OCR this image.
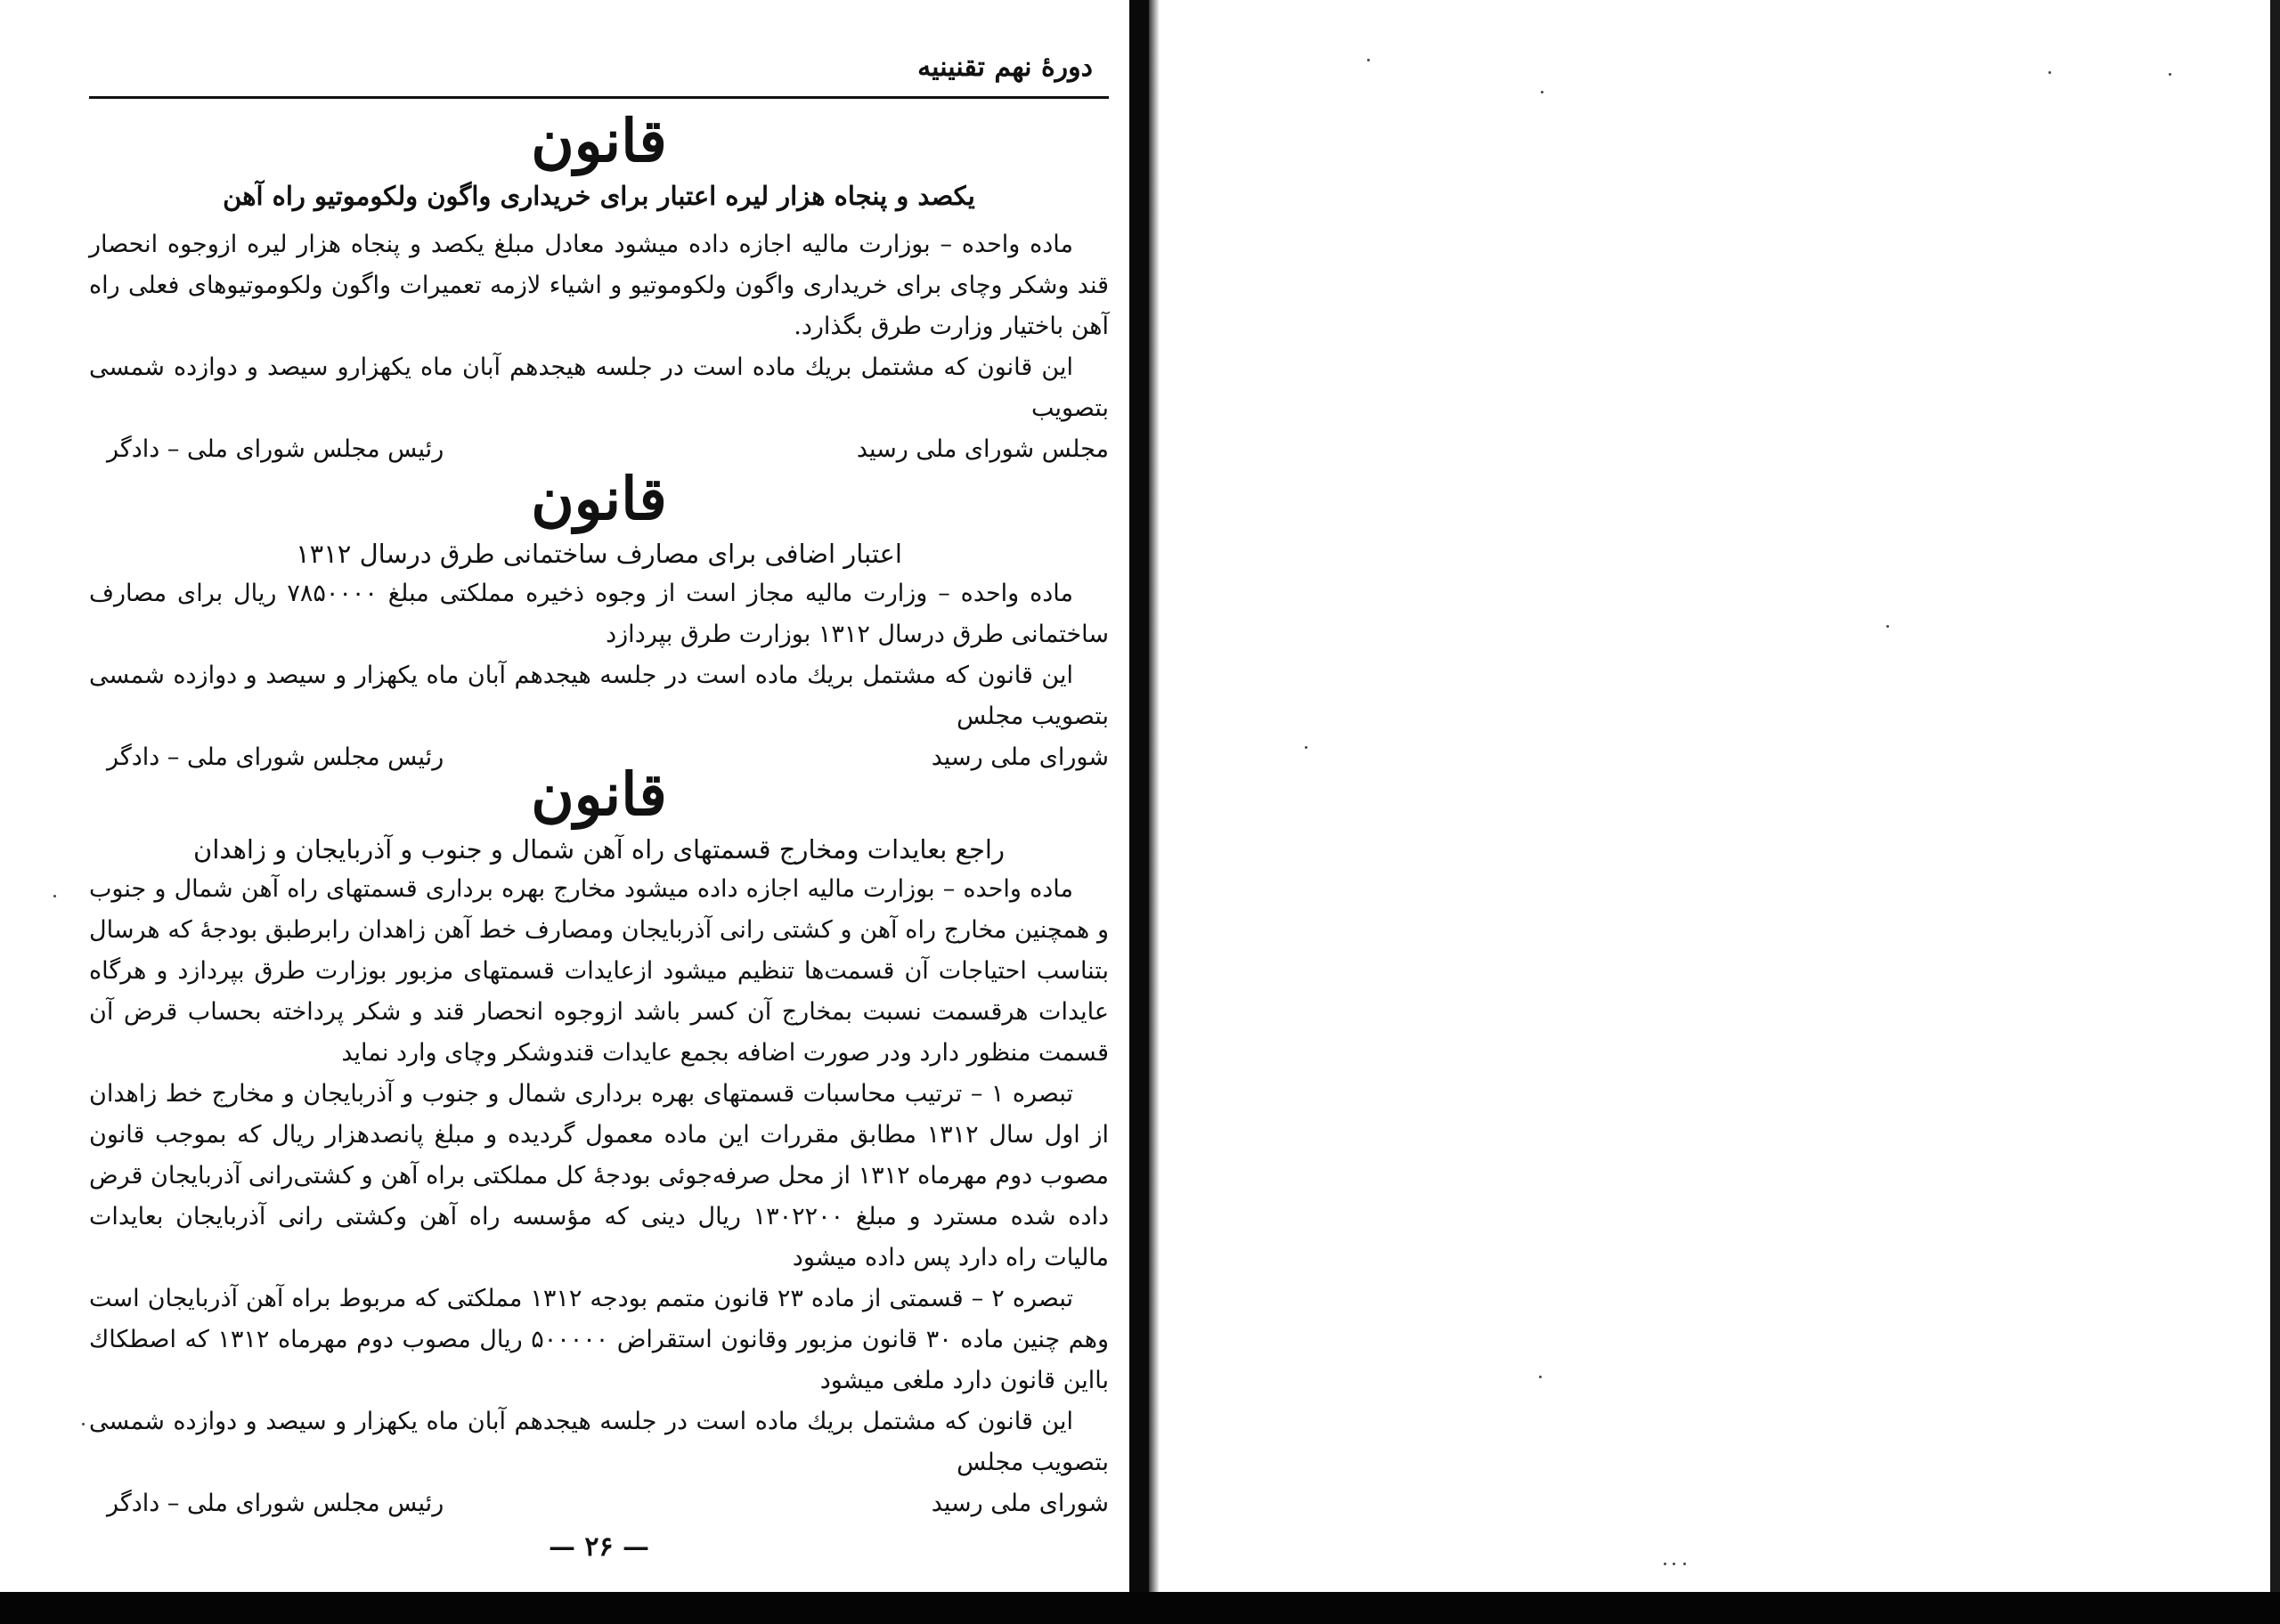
دورهٔ نهم تقنینیه
قانون

یکصد و پنجاه هزار لیره اعتبار برای خریداری واگون ولکوموتیو راه آهن

ماده واحده – بوزارت مالیه اجازه داده میشود معادل مبلغ یکصد و پنجاه هزار لیره ازوجوه انحصار قند وشکر وچای برای خریداری واگون ولکوموتیو و اشیاء لازمه تعمیرات واگون ولکوموتیوهای فعلی راه آهن باختیار وزارت طرق بگذارد.

این قانون که مشتمل بریك ماده است در جلسه هیجدهم آبان ماه یکهزارو سیصد و دوازده شمسی بتصویب

مجلس شورای ملی رسید
رئیس مجلس شورای ملی – دادگر
قانون

اعتبار اضافی برای مصارف ساختمانی طرق درسال ۱۳۱۲

ماده واحده – وزارت مالیه مجاز است از وجوه ذخیره مملکتی مبلغ ۷۸۵۰۰۰۰ ریال برای مصارف ساختمانی طرق درسال ۱۳۱۲ بوزارت طرق بپردازد

این قانون که مشتمل بریك ماده است در جلسه هیجدهم آبان ماه یکهزار و سیصد و دوازده شمسی بتصویب مجلس

شورای ملی رسید
رئیس مجلس شورای ملی – دادگر
قانون

راجع بعایدات ومخارج قسمتهای راه آهن شمال و جنوب و آذربایجان و زاهدان

ماده واحده – بوزارت مالیه اجازه داده میشود مخارج بهره برداری قسمتهای راه آهن شمال و جنوب و همچنین مخارج راه آهن و کشتی رانی آذربایجان ومصارف خط آهن زاهدان رابرطبق بودجهٔ که هرسال بتناسب احتیاجات آن قسمت‌ها تنظیم میشود ازعایدات قسمتهای مزبور بوزارت طرق بپردازد و هرگاه عایدات هرقسمت نسبت بمخارج آن کسر باشد ازوجوه انحصار قند و شکر پرداخته بحساب قرض آن قسمت منظور دارد ودر صورت اضافه بجمع عایدات قندوشکر وچای وارد نماید

تبصره ۱ – ترتیب محاسبات قسمتهای بهره برداری شمال و جنوب و آذربایجان و مخارج خط زاهدان از اول سال ۱۳۱۲ مطابق مقررات این ماده معمول گردیده و مبلغ پانصدهزار ریال که بموجب قانون مصوب دوم مهرماه ۱۳۱۲ از محل صرفه‌جوئی بودجهٔ کل مملکتی براه آهن و کشتی‌رانی آذربایجان قرض داده شده مسترد و مبلغ ۱۳۰۲۲۰۰ ریال دینی که مؤسسه راه آهن وکشتی رانی آذربایجان بعایدات مالیات راه دارد پس داده میشود

تبصره ۲ – قسمتی از ماده ۲۳ قانون متمم بودجه ۱۳۱۲ مملکتی که مربوط براه آهن آذربایجان است وهم چنین ماده ۳۰ قانون مزبور وقانون استقراض ۵۰۰۰۰۰ ریال مصوب دوم مهرماه ۱۳۱۲ که اصطکاك بااین قانون دارد ملغی میشود

این قانون که مشتمل بریك ماده است در جلسه هیجدهم آبان ماه یکهزار و سیصد و دوازده شمسی بتصویب مجلس

شورای ملی رسید
رئیس مجلس شورای ملی – دادگر
— ۲۶ —
